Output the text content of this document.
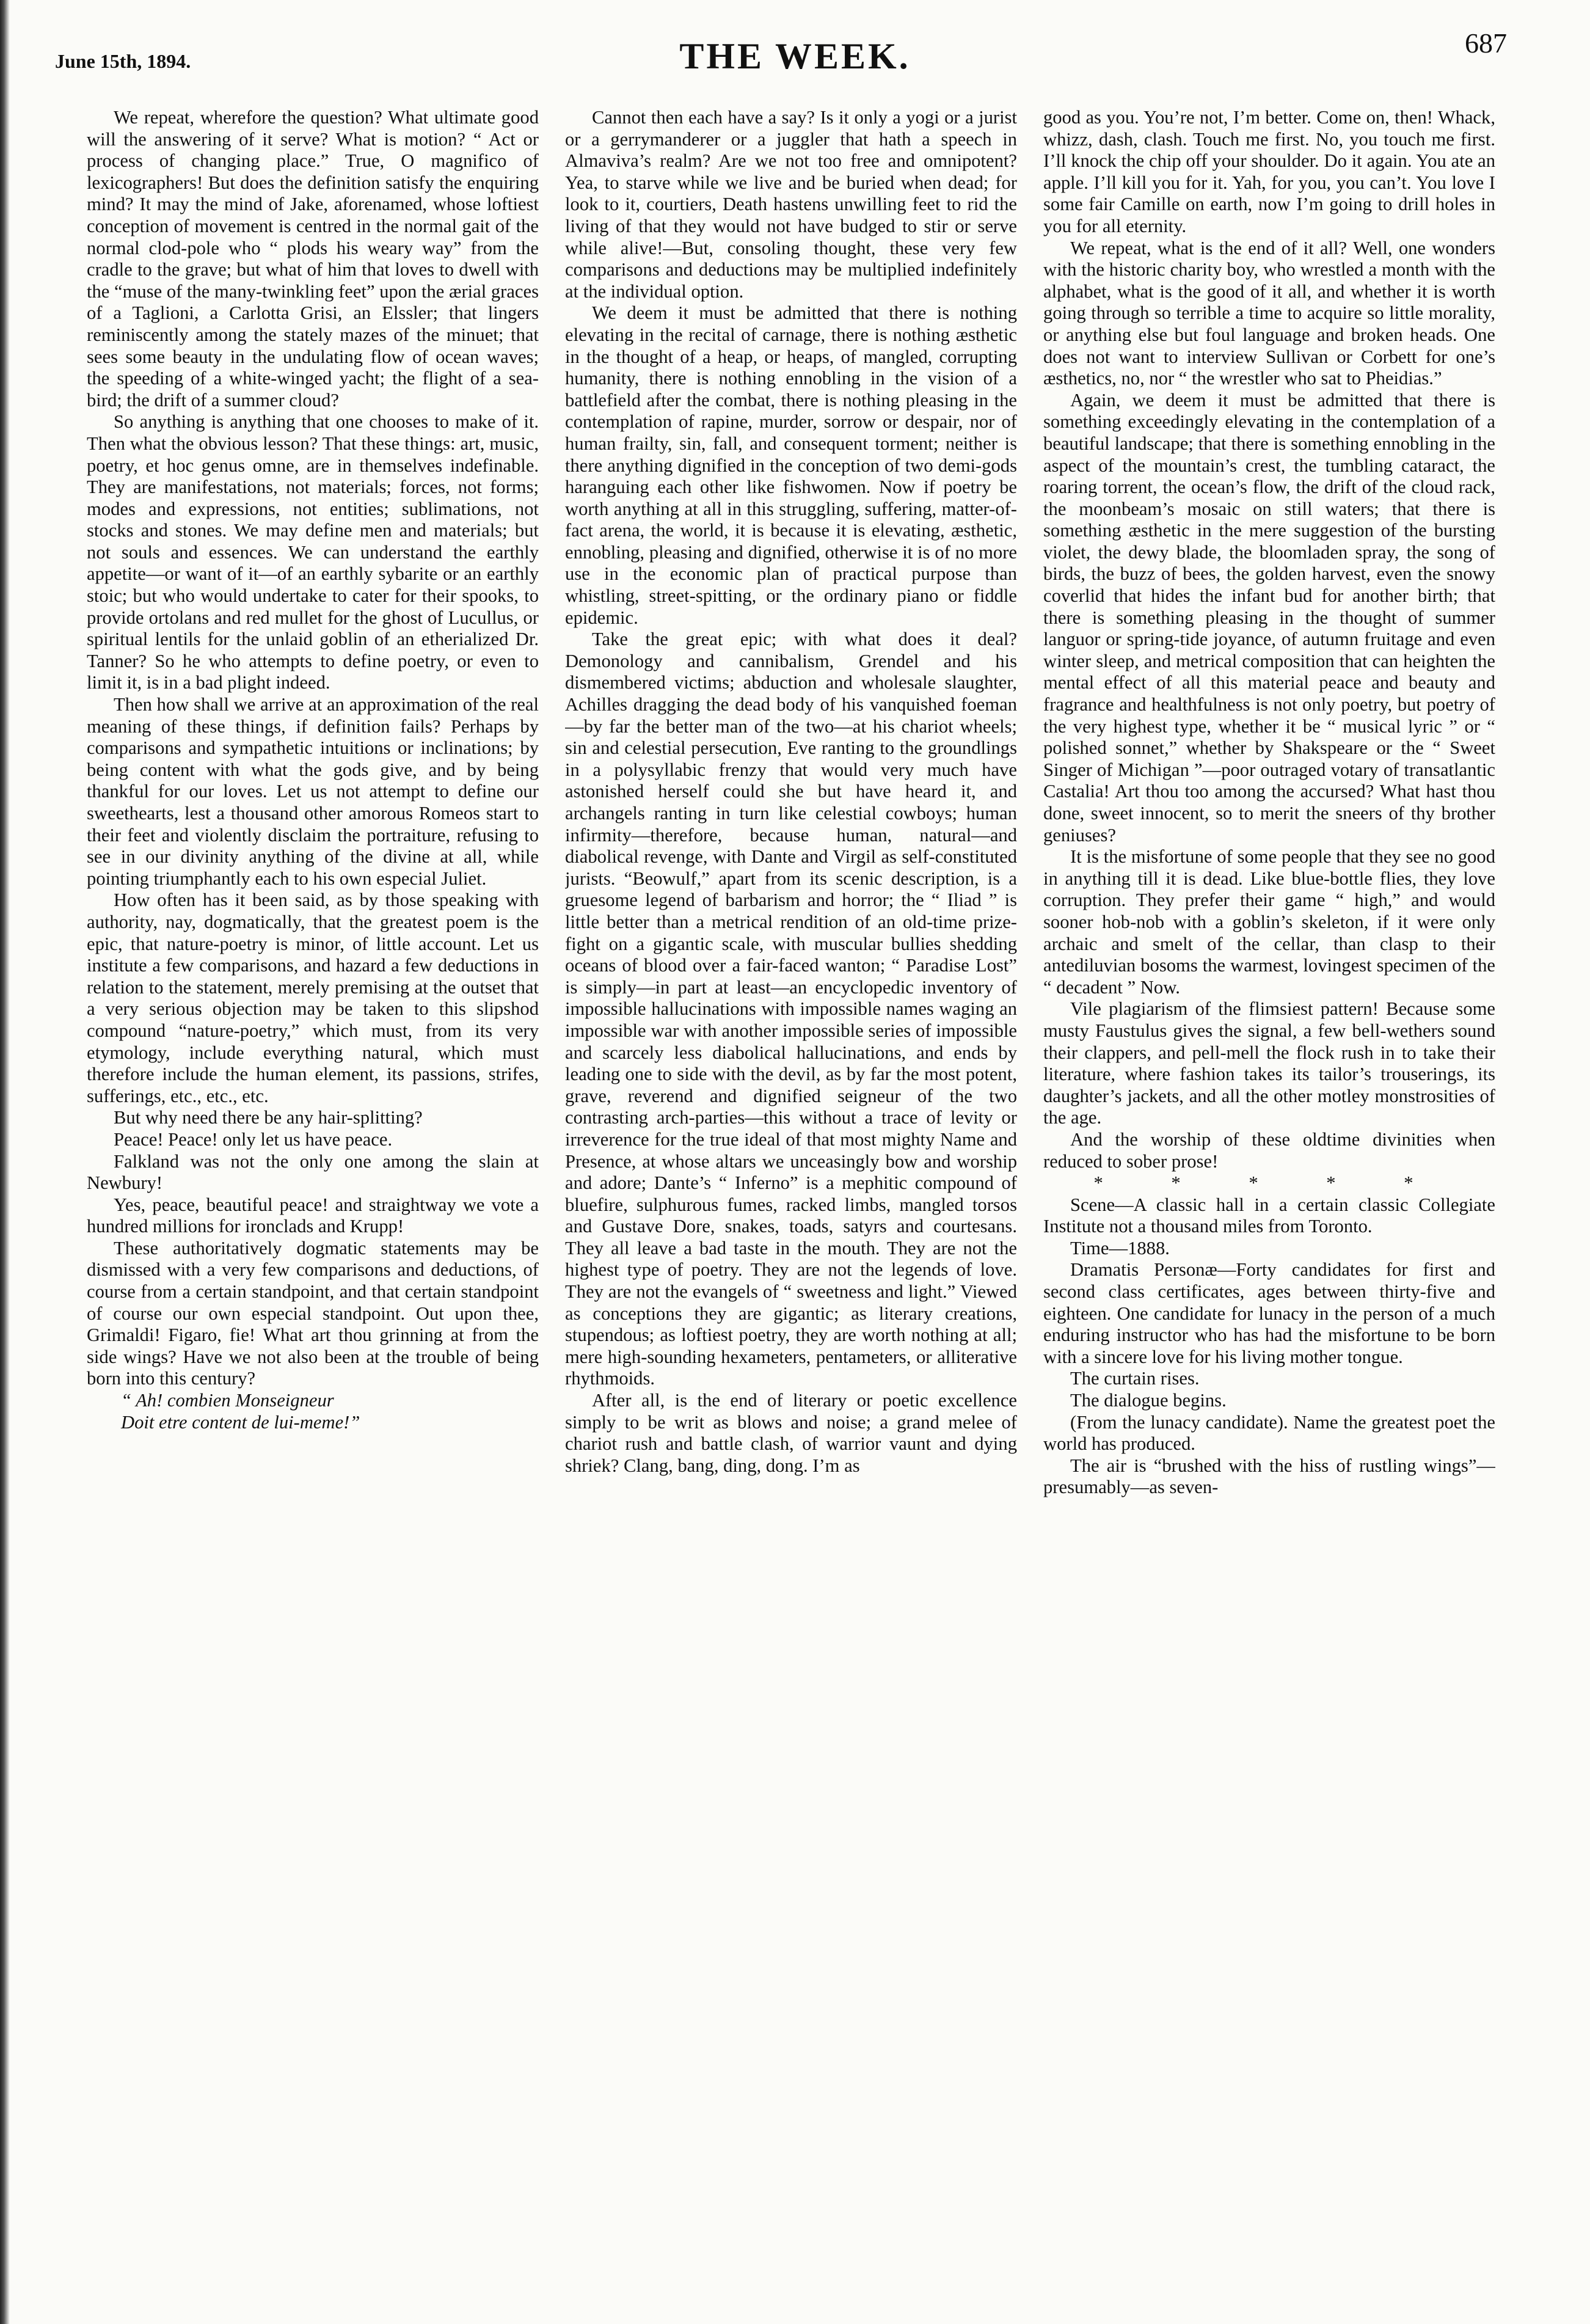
June 15th, 1894.	THE WEEK.	687

We repeat, wherefore the question? What ultimate good will the answering of it serve? What is motion? “ Act or process of changing place.” True, O magnifico of lexicographers! But does the definition satisfy the enquiring mind? It may the mind of Jake, aforenamed, whose loftiest conception of movement is centred in the normal gait of the normal clod-pole who “ plods his weary way” from the cradle to the grave; but what of him that loves to dwell with the “muse of the many-twinkling feet” upon the ærial graces of a Taglioni, a Carlotta Grisi, an Elssler; that lingers reminiscently among the stately mazes of the minuet; that sees some beauty in the undulating flow of ocean waves; the speeding of a white-winged yacht; the flight of a sea-bird; the drift of a summer cloud?

So anything is anything that one chooses to make of it. Then what the obvious lesson? That these things: art, music, poetry, et hoc genus omne, are in themselves indefinable. They are manifestations, not materials; forces, not forms; modes and expressions, not entities; sublimations, not stocks and stones. We may define men and materials; but not souls and essences. We can understand the earthly appetite—or want of it—of an earthly sybarite or an earthly stoic; but who would undertake to cater for their spooks, to provide ortolans and red mullet for the ghost of Lucullus, or spiritual lentils for the unlaid goblin of an etherialized Dr. Tanner? So he who attempts to define poetry, or even to limit it, is in a bad plight indeed.

Then how shall we arrive at an approximation of the real meaning of these things, if definition fails? Perhaps by comparisons and sympathetic intuitions or inclinations; by being content with what the gods give, and by being thankful for our loves. Let us not attempt to define our sweethearts, lest a thousand other amorous Romeos start to their feet and violently disclaim the portraiture, refusing to see in our divinity anything of the divine at all, while pointing triumphantly each to his own especial Juliet.

How often has it been said, as by those speaking with authority, nay, dogmatically, that the greatest poem is the epic, that nature-poetry is minor, of little account. Let us institute a few comparisons, and hazard a few deductions in relation to the statement, merely premising at the outset that a very serious objection may be taken to this slipshod compound “nature-poetry,” which must, from its very etymology, include everything natural, which must therefore include the human element, its passions, strifes, sufferings, etc., etc., etc.

But why need there be any hair-splitting?

Peace! Peace! only let us have peace.

Falkland was not the only one among the slain at Newbury!

Yes, peace, beautiful peace! and straightway we vote a hundred millions for ironclads and Krupp!

These authoritatively dogmatic statements may be dismissed with a very few comparisons and deductions, of course from a certain standpoint, and that certain standpoint of course our own especial standpoint. Out upon thee, Grimaldi! Figaro, fie! What art thou grinning at from the side wings? Have we not also been at the trouble of being born into this century?

“ Ah! combien Monseigneur

Doit etre content de lui-meme!”

Cannot then each have a say? Is it only a yogi or a jurist or a gerrymanderer or a juggler that hath a speech in Almaviva’s realm? Are we not too free and omnipotent? Yea, to starve while we live and be buried when dead; for look to it, courtiers, Death hastens unwilling feet to rid the living of that they would not have budged to stir or serve while alive!—But, consoling thought, these very few comparisons and deductions may be multiplied indefinitely at the individual option.

We deem it must be admitted that there is nothing elevating in the recital of carnage, there is nothing æsthetic in the thought of a heap, or heaps, of mangled, corrupting humanity, there is nothing ennobling in the vision of a battlefield after the combat, there is nothing pleasing in the contemplation of rapine, murder, sorrow or despair, nor of human frailty, sin, fall, and consequent torment; neither is there anything dignified in the conception of two demi-gods haranguing each other like fishwomen. Now if poetry be worth anything at all in this struggling, suffering, matter-of-fact arena, the world, it is because it is elevating, æsthetic, ennobling, pleasing and dignified, otherwise it is of no more use in the economic plan of practical purpose than whistling, street-spitting, or the ordinary piano or fiddle epidemic.

Take the great epic; with what does it deal? Demonology and cannibalism, Grendel and his dismembered victims; abduction and wholesale slaughter, Achilles dragging the dead body of his vanquished foeman—by far the better man of the two—at his chariot wheels; sin and celestial persecution, Eve ranting to the groundlings in a polysyllabic frenzy that would very much have astonished herself could she but have heard it, and archangels ranting in turn like celestial cowboys; human infirmity—therefore, because human, natural—and diabolical revenge, with Dante and Virgil as self-constituted jurists. “Beowulf,” apart from its scenic description, is a gruesome legend of barbarism and horror; the “ Iliad ” is little better than a metrical rendition of an old-time prize-fight on a gigantic scale, with muscular bullies shedding oceans of blood over a fair-faced wanton; “ Paradise Lost” is simply—in part at least—an encyclopedic inventory of impossible hallucinations with impossible names waging an impossible war with another impossible series of impossible and scarcely less diabolical hallucinations, and ends by leading one to side with the devil, as by far the most potent, grave, reverend and dignified seigneur of the two contrasting arch-parties—this without a trace of levity or irreverence for the true ideal of that most mighty Name and Presence, at whose altars we unceasingly bow and worship and adore; Dante’s “ Inferno” is a mephitic compound of bluefire, sulphurous fumes, racked limbs, mangled torsos and Gustave Dore, snakes, toads, satyrs and courtesans. They all leave a bad taste in the mouth. They are not the highest type of poetry. They are not the legends of love. They are not the evangels of “ sweetness and light.” Viewed as conceptions they are gigantic; as literary creations, stupendous; as loftiest poetry, they are worth nothing at all; mere high-sounding hexameters, pentameters, or alliterative rhythmoids.

After all, is the end of literary or poetic excellence simply to be writ as blows and noise; a grand melee of chariot rush and battle clash, of warrior vaunt and dying shriek? Clang, bang, ding, dong. I’m as

good as you. You’re not, I’m better. Come on, then! Whack, whizz, dash, clash. Touch me first. No, you touch me first. I’ll knock the chip off your shoulder. Do it again. You ate an apple. I’ll kill you for it. Yah, for you, you can’t. You love I some fair Camille on earth, now I’m going to drill holes in you for all eternity.

We repeat, what is the end of it all? Well, one wonders with the historic charity boy, who wrestled a month with the alphabet, what is the good of it all, and whether it is worth going through so terrible a time to acquire so little morality, or anything else but foul language and broken heads. One does not want to interview Sullivan or Corbett for one’s æsthetics, no, nor “ the wrestler who sat to Pheidias.”

Again, we deem it must be admitted that there is something exceedingly elevating in the contemplation of a beautiful landscape; that there is something ennobling in the aspect of the mountain’s crest, the tumbling cataract, the roaring torrent, the ocean’s flow, the drift of the cloud rack, the moonbeam’s mosaic on still waters; that there is something æsthetic in the mere suggestion of the bursting violet, the dewy blade, the bloomladen spray, the song of birds, the buzz of bees, the golden harvest, even the snowy coverlid that hides the infant bud for another birth; that there is something pleasing in the thought of summer languor or spring-tide joyance, of autumn fruitage and even winter sleep, and metrical composition that can heighten the mental effect of all this material peace and beauty and fragrance and healthfulness is not only poetry, but poetry of the very highest type, whether it be “ musical lyric ” or “ polished sonnet,” whether by Shakspeare or the “ Sweet Singer of Michigan ”—poor outraged votary of transatlantic Castalia! Art thou too among the accursed? What hast thou done, sweet innocent, so to merit the sneers of thy brother geniuses?

It is the misfortune of some people that they see no good in anything till it is dead. Like blue-bottle flies, they love corruption. They prefer their game “ high,” and would sooner hob-nob with a goblin’s skeleton, if it were only archaic and smelt of the cellar, than clasp to their antediluvian bosoms the warmest, lovingest specimen of the “ decadent ” Now.

Vile plagiarism of the flimsiest pattern! Because some musty Faustulus gives the signal, a few bell-wethers sound their clappers, and pell-mell the flock rush in to take their literature, where fashion takes its tailor’s trouserings, its daughter’s jackets, and all the other motley monstrosities of the age.

And the worship of these oldtime divinities when reduced to sober prose!

* * * * *

Scene—A classic hall in a certain classic Collegiate Institute not a thousand miles from Toronto.

Time—1888.

Dramatis Personæ—Forty candidates for first and second class certificates, ages between thirty-five and eighteen. One candidate for lunacy in the person of a much enduring instructor who has had the misfortune to be born with a sincere love for his living mother tongue.

The curtain rises.

The dialogue begins.

(From the lunacy candidate). Name the greatest poet the world has produced.

The air is “brushed with the hiss of rustling wings”—presumably—as seven-
